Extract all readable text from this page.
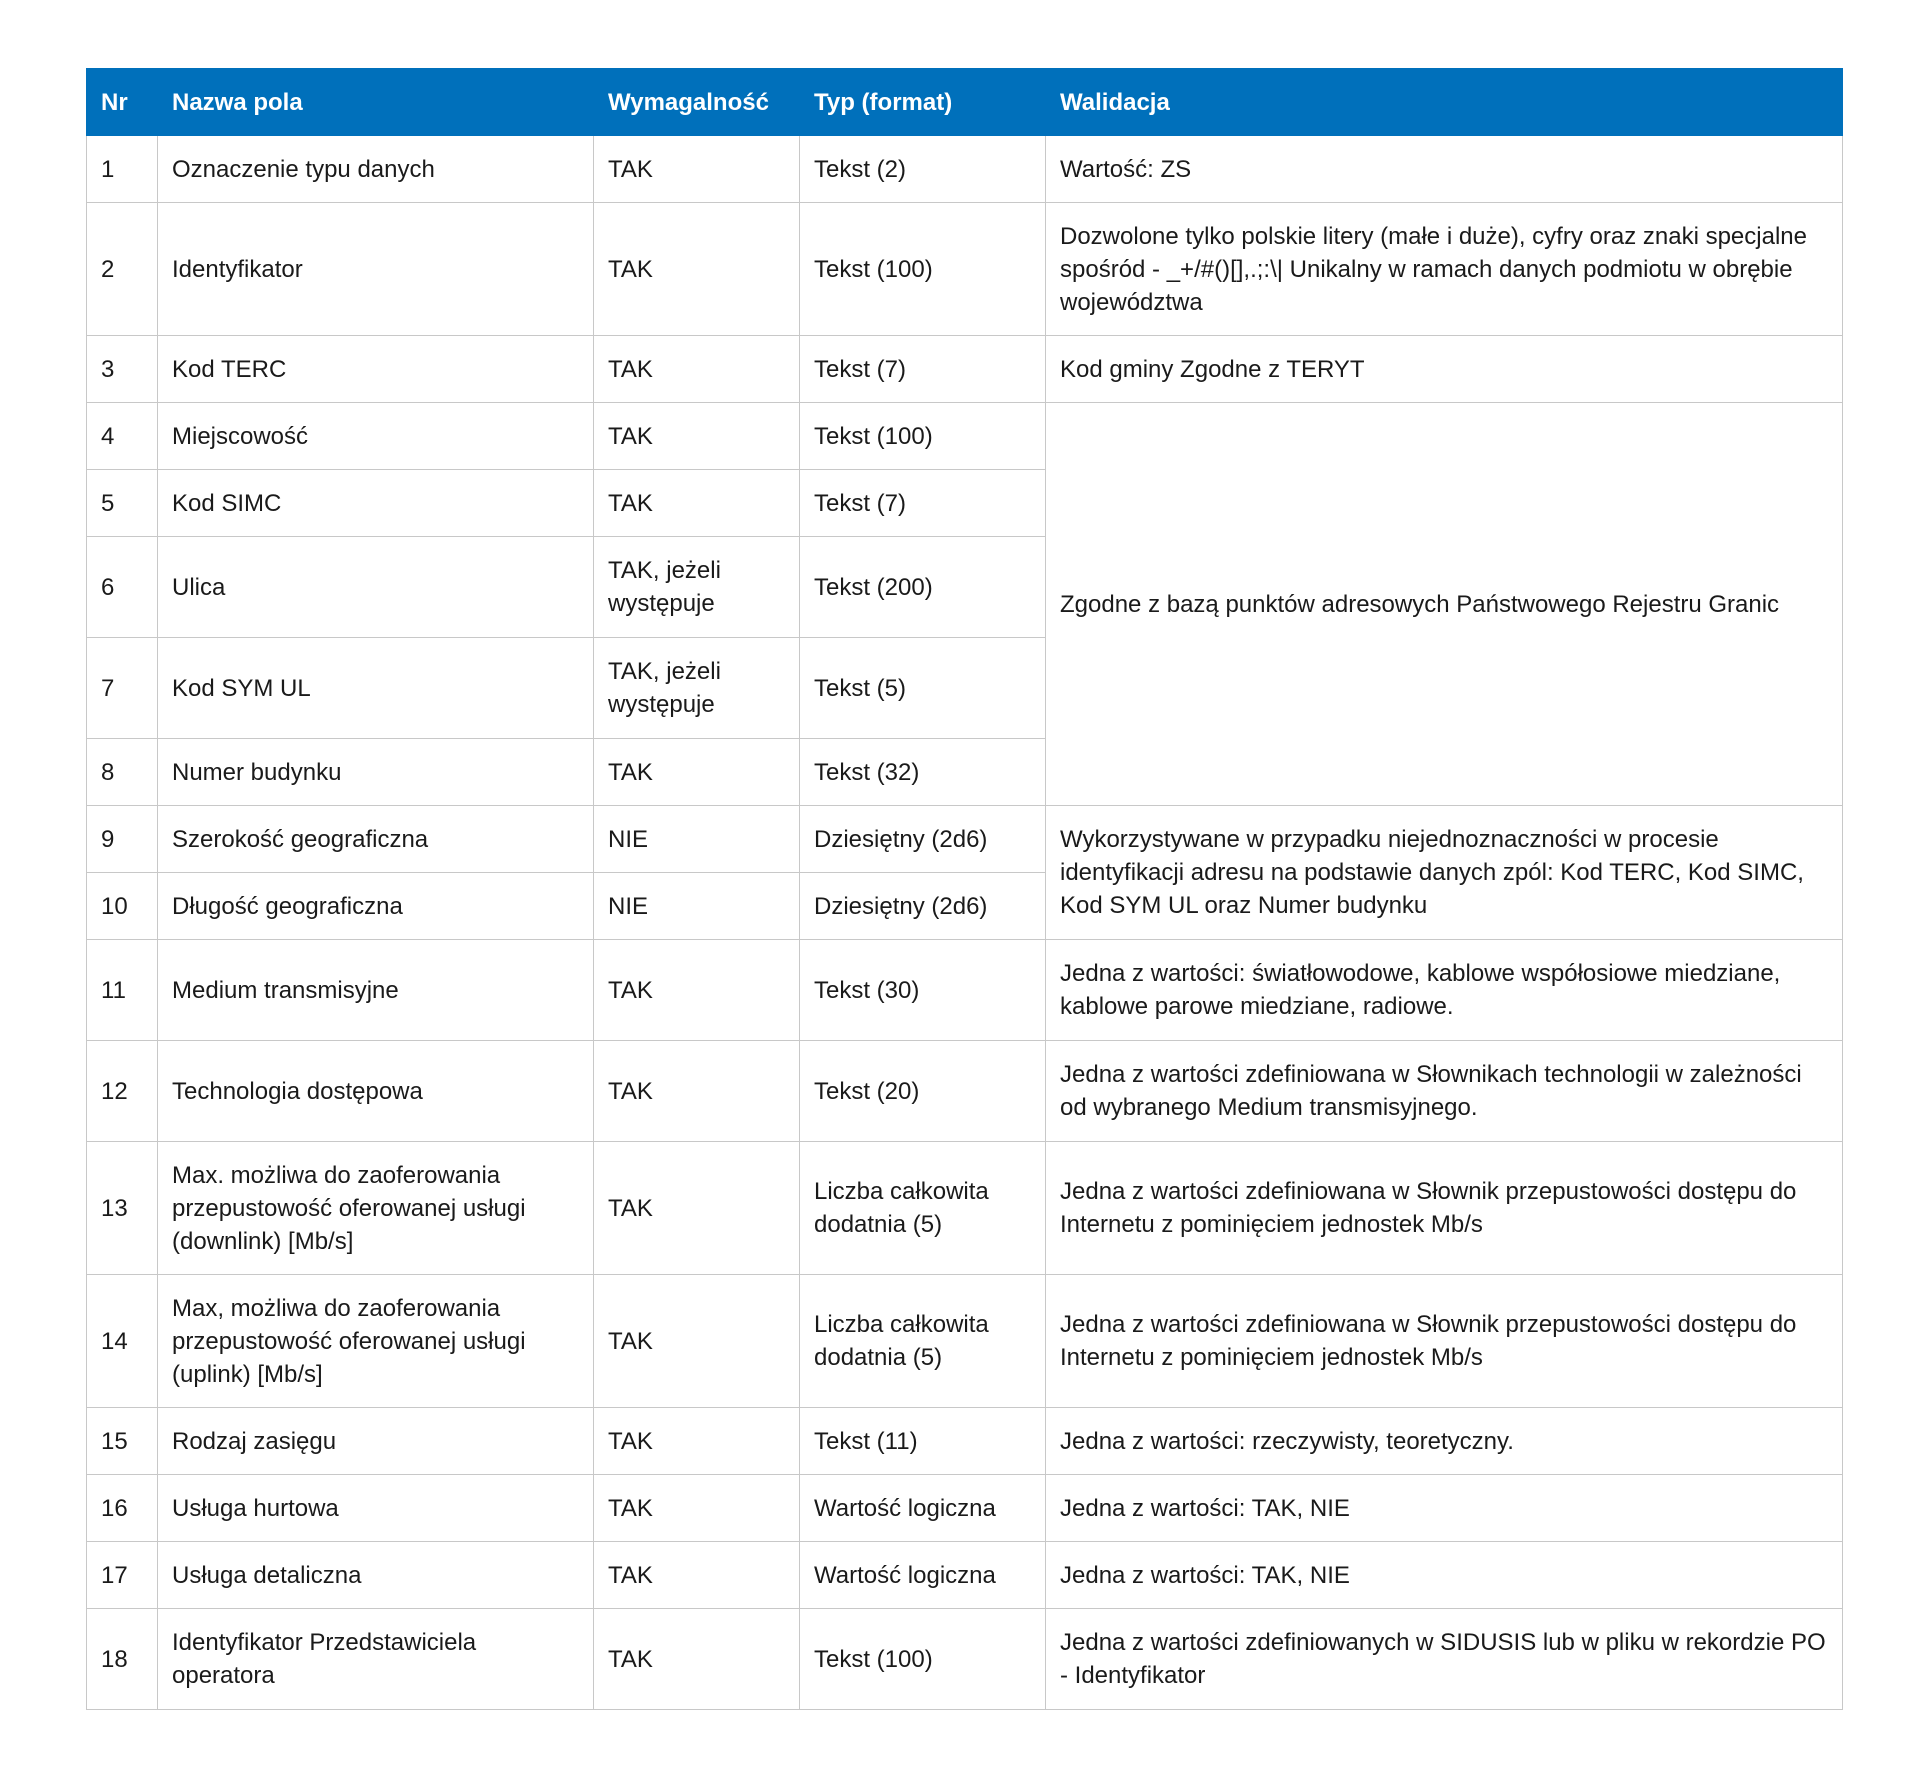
Nr	Nazwa pola	Wymagalność	Typ (format)	Walidacja
1	Oznaczenie typu danych	TAK	Tekst (2)	Wartość: ZS
2	Identyfikator	TAK	Tekst (100)	Dozwolone tylko polskie litery (małe i duże), cyfry oraz znaki specjalne spośród - _+/#()[],.;:\| Unikalny w ramach danych podmiotu w obrębie województwa
3	Kod TERC	TAK	Tekst (7)	Kod gminy Zgodne z TERYT
4	Miejscowość	TAK	Tekst (100)	Zgodne z bazą punktów adresowych Państwowego Rejestru Granic
5	Kod SIMC	TAK	Tekst (7)	
6	Ulica	TAK, jeżeli występuje	Tekst (200)	
7	Kod SYM UL	TAK, jeżeli występuje	Tekst (5)	
8	Numer budynku	TAK	Tekst (32)	
9	Szerokość geograficzna	NIE	Dziesiętny (2d6)	Wykorzystywane w przypadku niejednoznaczności w procesie identyfikacji adresu na podstawie danych zpól: Kod TERC, Kod SIMC, Kod SYM UL oraz Numer budynku
10	Długość geograficzna	NIE	Dziesiętny (2d6)	
11	Medium transmisyjne	TAK	Tekst (30)	Jedna z wartości: światłowodowe, kablowe współosiowe miedziane, kablowe parowe miedziane, radiowe.
12	Technologia dostępowa	TAK	Tekst (20)	Jedna z wartości zdefiniowana w Słownikach technologii w zależności od wybranego Medium transmisyjnego.
13	Max. możliwa do zaoferowania przepustowość oferowanej usługi (downlink) [Mb/s]	TAK	Liczba całkowita dodatnia (5)	Jedna z wartości zdefiniowana w Słownik przepustowości dostępu do Internetu z pominięciem jednostek Mb/s
14	Max, możliwa do zaoferowania przepustowość oferowanej usługi (uplink) [Mb/s]	TAK	Liczba całkowita dodatnia (5)	Jedna z wartości zdefiniowana w Słownik przepustowości dostępu do Internetu z pominięciem jednostek Mb/s
15	Rodzaj zasięgu	TAK	Tekst (11)	Jedna z wartości: rzeczywisty, teoretyczny.
16	Usługa hurtowa	TAK	Wartość logiczna	Jedna z wartości: TAK, NIE
17	Usługa detaliczna	TAK	Wartość logiczna	Jedna z wartości: TAK, NIE
18	Identyfikator Przedstawiciela operatora	TAK	Tekst (100)	Jedna z wartości zdefiniowanych w SIDUSIS lub w pliku w rekordzie PO - Identyfikator
